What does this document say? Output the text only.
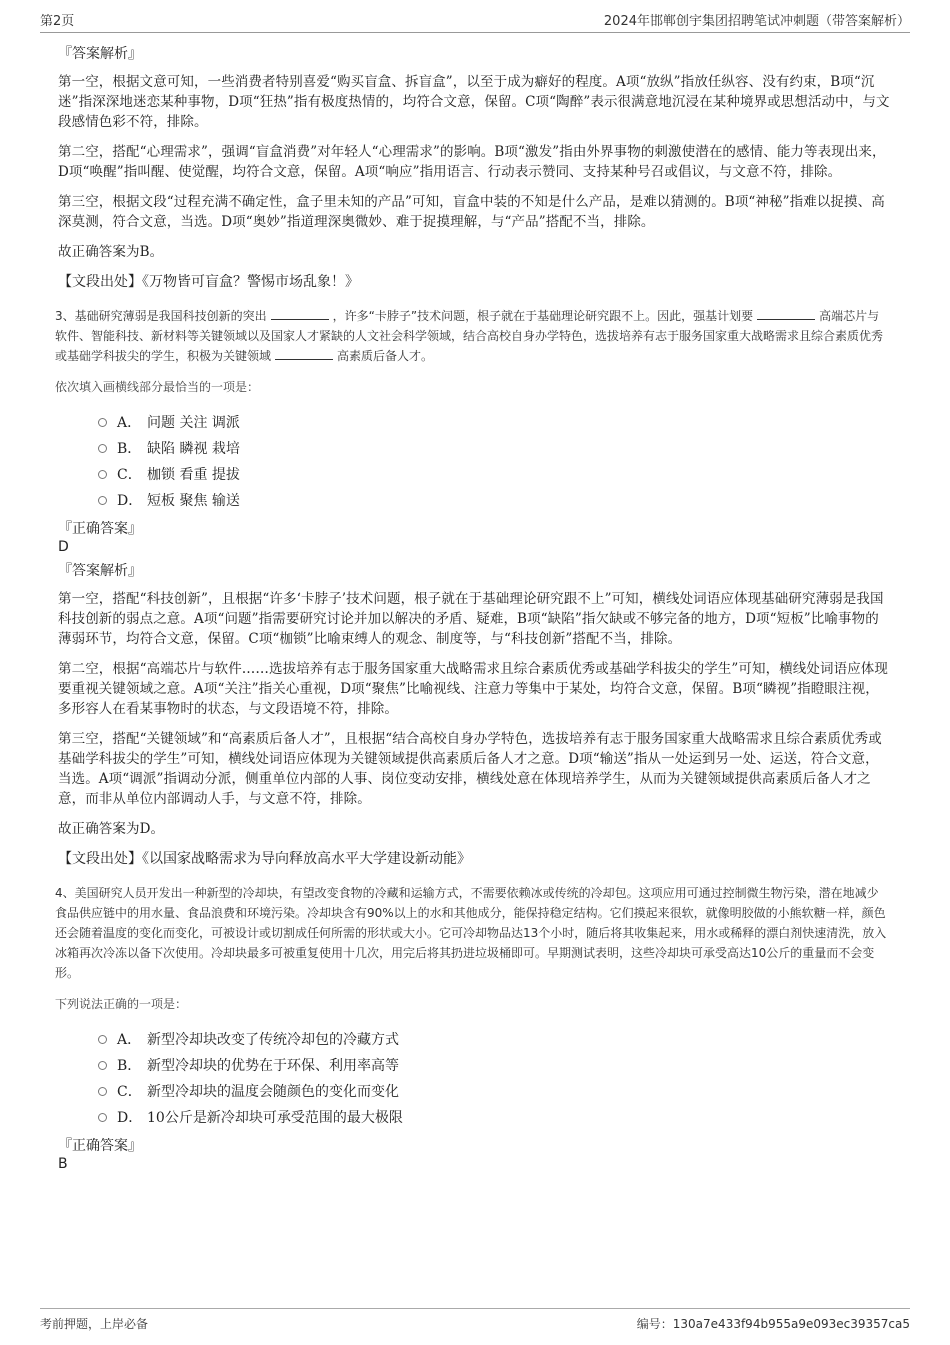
第2页	2024年邯郸创宇集团招聘笔试冲刺题（带答案解析）
『答案解析』

第一空，根据文意可知，一些消费者特别喜爱“购买盲盒、拆盲盒”，以至于成为癖好的程度。A项“放纵”指放任纵容、没有约束，B项“沉迷”指深深地迷恋某种事物，D项“狂热”指有极度热情的，均符合文意，保留。C项“陶醉”表示很满意地沉浸在某种境界或思想活动中，与文段感情色彩不符，排除。

第二空，搭配“心理需求”，强调“盲盒消费”对年轻人“心理需求”的影响。B项“激发”指由外界事物的刺激使潜在的感情、能力等表现出来，D项“唤醒”指叫醒、使觉醒，均符合文意，保留。A项“响应”指用语言、行动表示赞同、支持某种号召或倡议，与文意不符，排除。

第三空，根据文段“过程充满不确定性，盒子里未知的产品”可知，盲盒中装的不知是什么产品，是难以猜测的。B项“神秘”指难以捉摸、高深莫测，符合文意，当选。D项“奥妙”指道理深奥微妙、难于捉摸理解，与“产品”搭配不当，排除。

故正确答案为B。

【文段出处】《万物皆可盲盒？警惕市场乱象！》

3、基础研究薄弱是我国科技创新的突出	，许多“卡脖子”技术问题，根子就在于基础理论研究跟不上。因此，强基计划要	高端芯片与软件、智能科技、新材料等关键领域以及国家人才紧缺的人文社会科学领域，结合高校自身办学特色，选拔培养有志于服务国家重大战略需求且综合素质优秀或基础学科拔尖的学生，积极为关键领域	高素质后备人才。
依次填入画横线部分最恰当的一项是：
A． 问题 关注 调派
B． 缺陷 瞵视 栽培
C． 枷锁 看重 提拔
D． 短板 聚焦 输送
『正确答案』
D
『答案解析』

第一空，搭配“科技创新”，且根据“许多‘卡脖子’技术问题，根子就在于基础理论研究跟不上”可知，横线处词语应体现基础研究薄弱是我国科技创新的弱点之意。A项“问题”指需要研究讨论并加以解决的矛盾、疑难，B项“缺陷”指欠缺或不够完备的地方，D项“短板”比喻事物的薄弱环节，均符合文意，保留。C项“枷锁”比喻束缚人的观念、制度等，与“科技创新”搭配不当，排除。

第二空，根据“高端芯片与软件……选拔培养有志于服务国家重大战略需求且综合素质优秀或基础学科拔尖的学生”可知，横线处词语应体现要重视关键领域之意。A项“关注”指关心重视，D项“聚焦”比喻视线、注意力等集中于某处，均符合文意，保留。B项“瞵视”指瞪眼注视，多形容人在看某事物时的状态，与文段语境不符，排除。

第三空，搭配“关键领域”和“高素质后备人才”，且根据“结合高校自身办学特色，选拔培养有志于服务国家重大战略需求且综合素质优秀或基础学科拔尖的学生”可知，横线处词语应体现为关键领域提供高素质后备人才之意。D项“输送”指从一处运到另一处、运送，符合文意，当选。A项“调派”指调动分派，侧重单位内部的人事、岗位变动安排，横线处意在体现培养学生，从而为关键领域提供高素质后备人才之意，而非从单位内部调动人手，与文意不符，排除。

故正确答案为D。

【文段出处】《以国家战略需求为导向释放高水平大学建设新动能》

4、美国研究人员开发出一种新型的冷却块，有望改变食物的冷藏和运输方式，不需要依赖冰或传统的冷却包。这项应用可通过控制微生物污染，潜在地减少食品供应链中的用水量、食品浪费和环境污染。冷却块含有90%以上的水和其他成分，能保持稳定结构。它们摸起来很软，就像明胶做的小熊软糖一样，颜色还会随着温度的变化而变化，可被设计或切割成任何所需的形状或大小。它可冷却物品达13个小时，随后将其收集起来，用水或稀释的漂白剂快速清洗，放入冰箱再次冷冻以备下次使用。冷却块最多可被重复使用十几次，用完后将其扔进垃圾桶即可。早期测试表明，这些冷却块可承受高达10公斤的重量而不会变形。
下列说法正确的一项是：
A． 新型冷却块改变了传统冷却包的冷藏方式
B． 新型冷却块的优势在于环保、利用率高等
C． 新型冷却块的温度会随颜色的变化而变化
D． 10公斤是新冷却块可承受范围的最大极限
『正确答案』
B
考前押题，上岸必备	编号：130a7e433f94b955a9e093ec39357ca5
